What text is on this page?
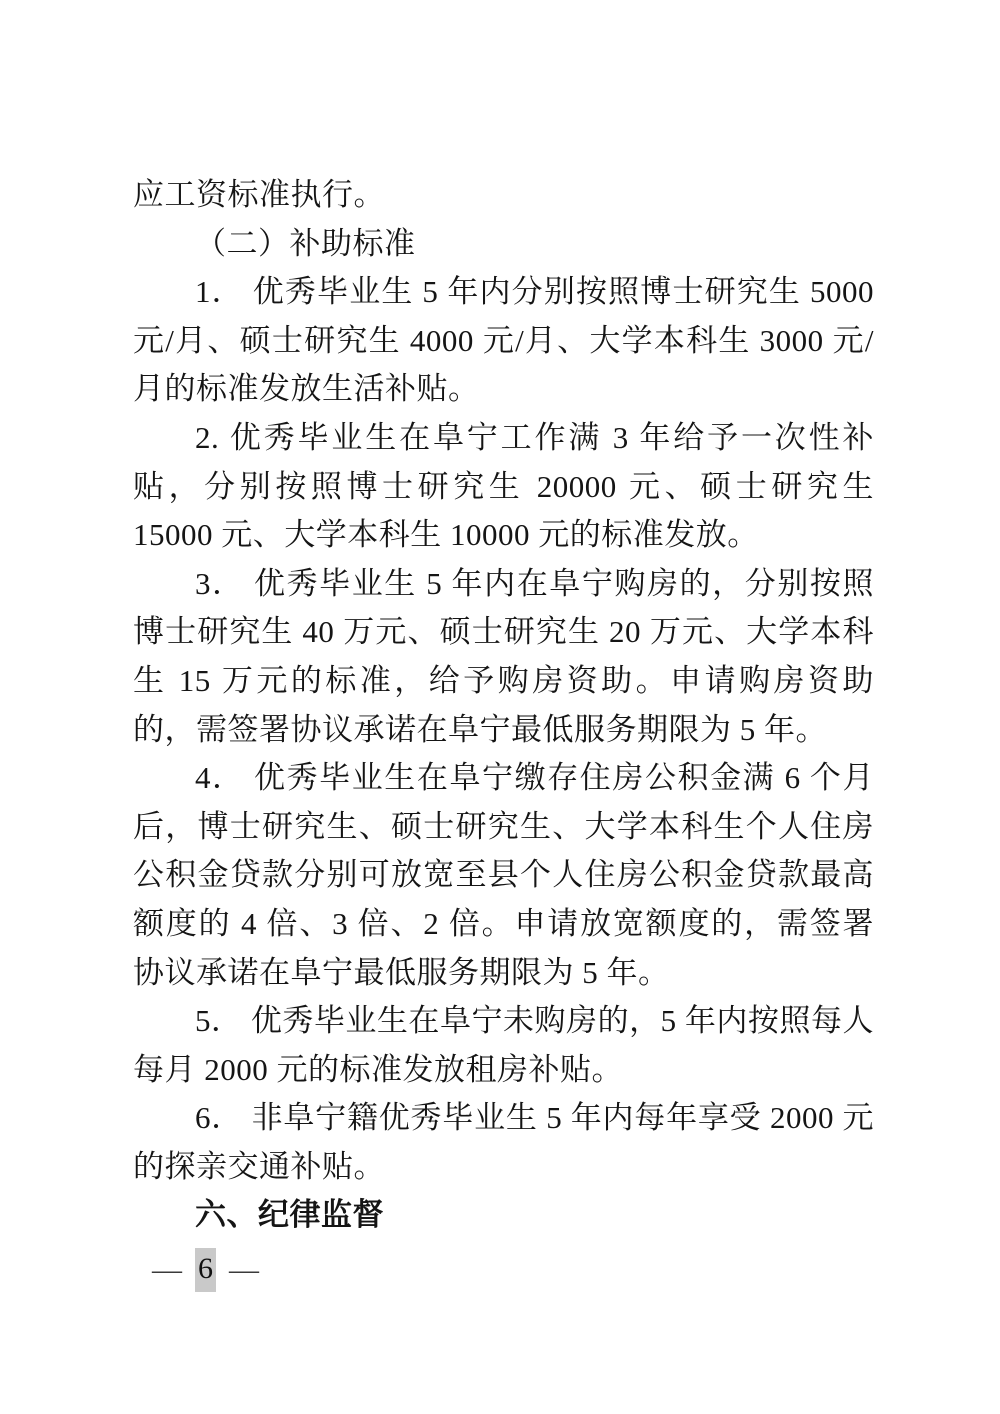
应工资标准执行。

（二）补助标准

1． 优秀毕业生 5 年内分别按照博士研究生 5000 元/月、硕士研究生 4000 元/月、大学本科生 3000 元/月的标准发放生活补贴。

2. 优秀毕业生在阜宁工作满 3 年给予一次性补贴，分别按照博士研究生 20000 元、硕士研究生 15000 元、大学本科生 10000 元的标准发放。

3． 优秀毕业生 5 年内在阜宁购房的，分别按照博士研究生 40 万元、硕士研究生 20 万元、大学本科生 15 万元的标准，给予购房资助。申请购房资助的，需签署协议承诺在阜宁最低服务期限为 5 年。

4． 优秀毕业生在阜宁缴存住房公积金满 6 个月后，博士研究生、硕士研究生、大学本科生个人住房公积金贷款分别可放宽至县个人住房公积金贷款最高额度的 4 倍、3 倍、2 倍。申请放宽额度的，需签署协议承诺在阜宁最低服务期限为 5 年。

5． 优秀毕业生在阜宁未购房的，5 年内按照每人每月 2000 元的标准发放租房补贴。

6． 非阜宁籍优秀毕业生 5 年内每年享受 2000 元的探亲交通补贴。

六、纪律监督

— 6 —
